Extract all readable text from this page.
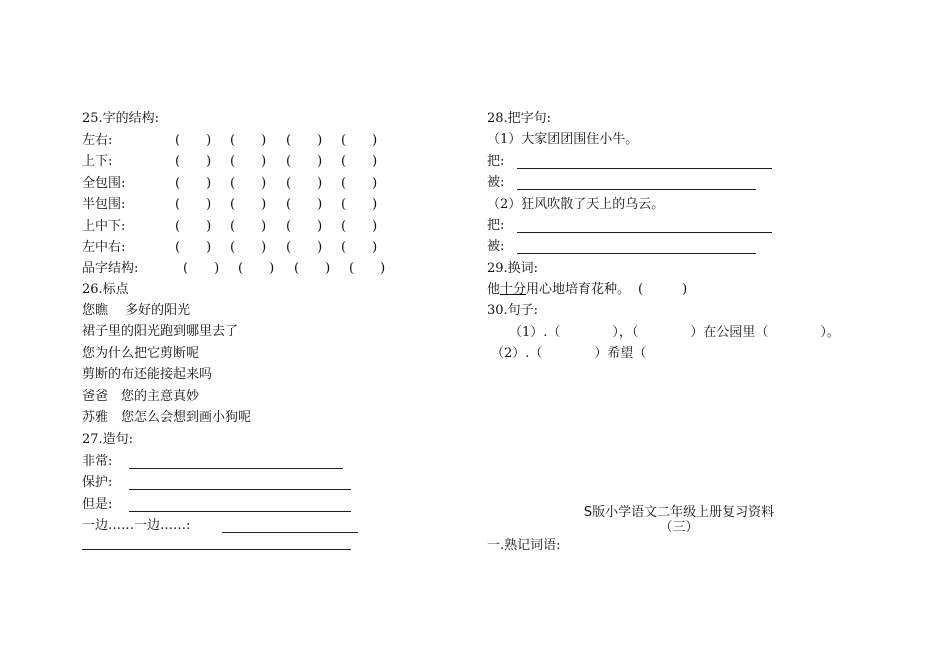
25.字的结构:
左右:	(　　) (　　) (　　) (　　)
上下:	(　　) (　　) (　　) (　　)
全包围:	(　　) (　　) (　　) (　　)
半包围:	(　　) (　　) (　　) (　　)
上中下:	(　　) (　　) (　　) (　　)
左中右:	(　　) (　　) (　　) (　　)
品字结构:	(　　) (　　) (　　) (　　)
26.标点
您瞧　 多好的阳光
裙子里的阳光跑到哪里去了
您为什么把它剪断呢
剪断的布还能接起来吗
爸爸　您的主意真妙
苏雅　您怎么会想到画小狗呢
27.造句:
非常:
保护:
但是:
一边……一边……:
28.把字句:
（1）大家团团围住小牛。
把:
被:
（2）狂风吹散了天上的乌云。
把:
被:
29.换词:
他十分用心地培育花种。 (　　　)
30.句子:
（1）.（　　　　），（　　　　）在公园里（　　　　）。
（2）.（　　　　）希望（
S版小学语文二年级上册复习资料
（三）
一.熟记词语:
